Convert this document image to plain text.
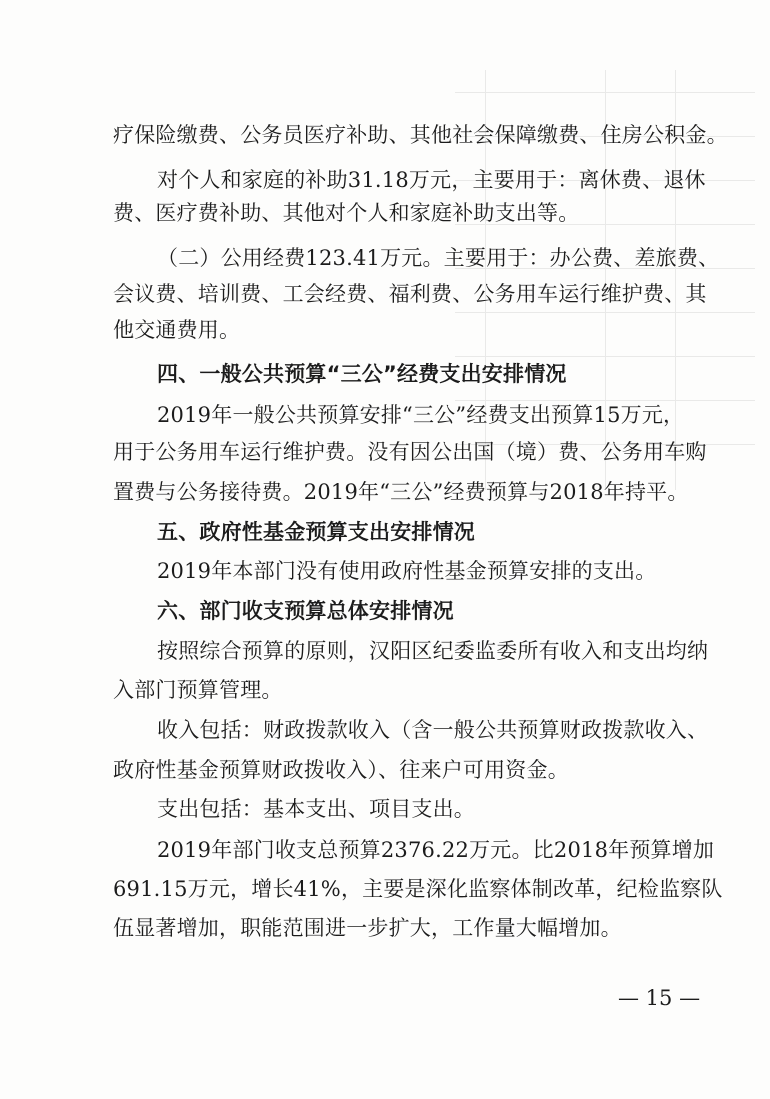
疗保险缴费、公务员医疗补助、其他社会保障缴费、住房公积金。
对个人和家庭的补助31.18万元，主要用于：离休费、退休
费、医疗费补助、其他对个人和家庭补助支出等。
（二）公用经费123.41万元。主要用于：办公费、差旅费、
会议费、培训费、工会经费、福利费、公务用车运行维护费、其
他交通费用。
四、一般公共预算“三公”经费支出安排情况
2019年一般公共预算安排“三公”经费支出预算15万元，
用于公务用车运行维护费。没有因公出国（境）费、公务用车购
置费与公务接待费。2019年“三公”经费预算与2018年持平。
五、政府性基金预算支出安排情况
2019年本部门没有使用政府性基金预算安排的支出。
六、部门收支预算总体安排情况
按照综合预算的原则，汉阳区纪委监委所有收入和支出均纳
入部门预算管理。
收入包括：财政拨款收入（含一般公共预算财政拨款收入、
政府性基金预算财政拨收入）、往来户可用资金。
支出包括：基本支出、项目支出。
2019年部门收支总预算2376.22万元。比2018年预算增加
691.15万元，增长41%，主要是深化监察体制改革，纪检监察队
伍显著增加，职能范围进一步扩大，工作量大幅增加。
— 15 —
